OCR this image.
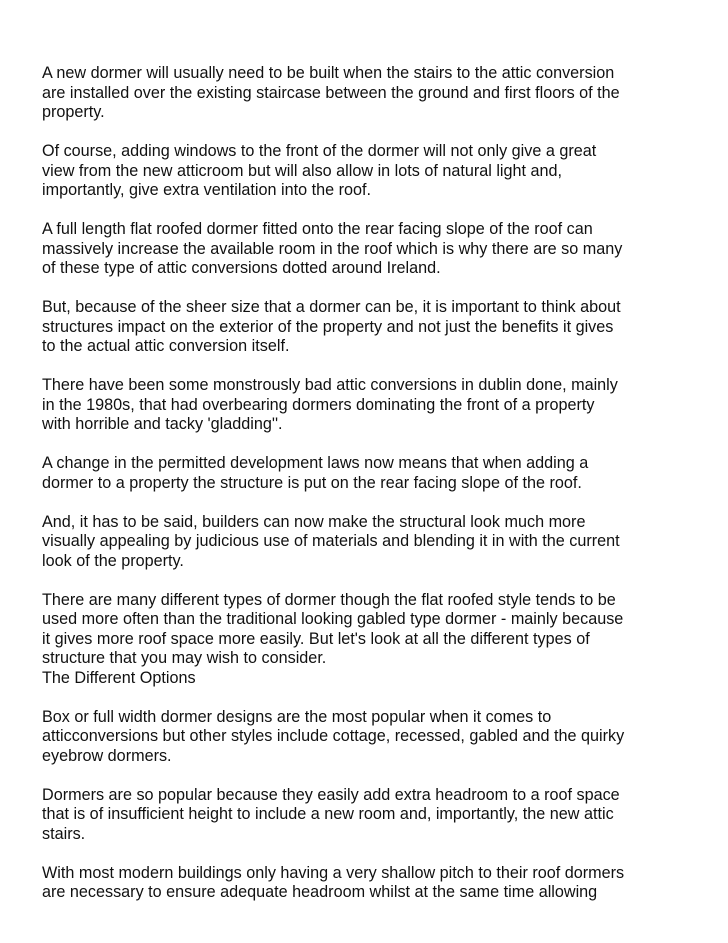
A new dormer will usually need to be built when the stairs to the attic conversion
are installed over the existing staircase between the ground and first floors of the
property.

Of course, adding windows to the front of the dormer will not only give a great
view from the new atticroom but will also allow in lots of natural light and,
importantly, give extra ventilation into the roof.

A full length flat roofed dormer fitted onto the rear facing slope of the roof can
massively increase the available room in the roof which is why there are so many
of these type of attic conversions dotted around Ireland.

But, because of the sheer size that a dormer can be, it is important to think about
structures impact on the exterior of the property and not just the benefits it gives
to the actual attic conversion itself.

There have been some monstrously bad attic conversions in dublin done, mainly
in the 1980s, that had overbearing dormers dominating the front of a property
with horrible and tacky 'gladding''.

A change in the permitted development laws now means that when adding a
dormer to a property the structure is put on the rear facing slope of the roof.

And, it has to be said, builders can now make the structural look much more
visually appealing by judicious use of materials and blending it in with the current
look of the property.

There are many different types of dormer though the flat roofed style tends to be
used more often than the traditional looking gabled type dormer - mainly because
it gives more roof space more easily. But let's look at all the different types of
structure that you may wish to consider.
The Different Options

Box or full width dormer designs are the most popular when it comes to
atticconversions but other styles include cottage, recessed, gabled and the quirky
eyebrow dormers.

Dormers are so popular because they easily add extra headroom to a roof space
that is of insufficient height to include a new room and, importantly, the new attic
stairs.

With most modern buildings only having a very shallow pitch to their roof dormers
are necessary to ensure adequate headroom whilst at the same time allowing
